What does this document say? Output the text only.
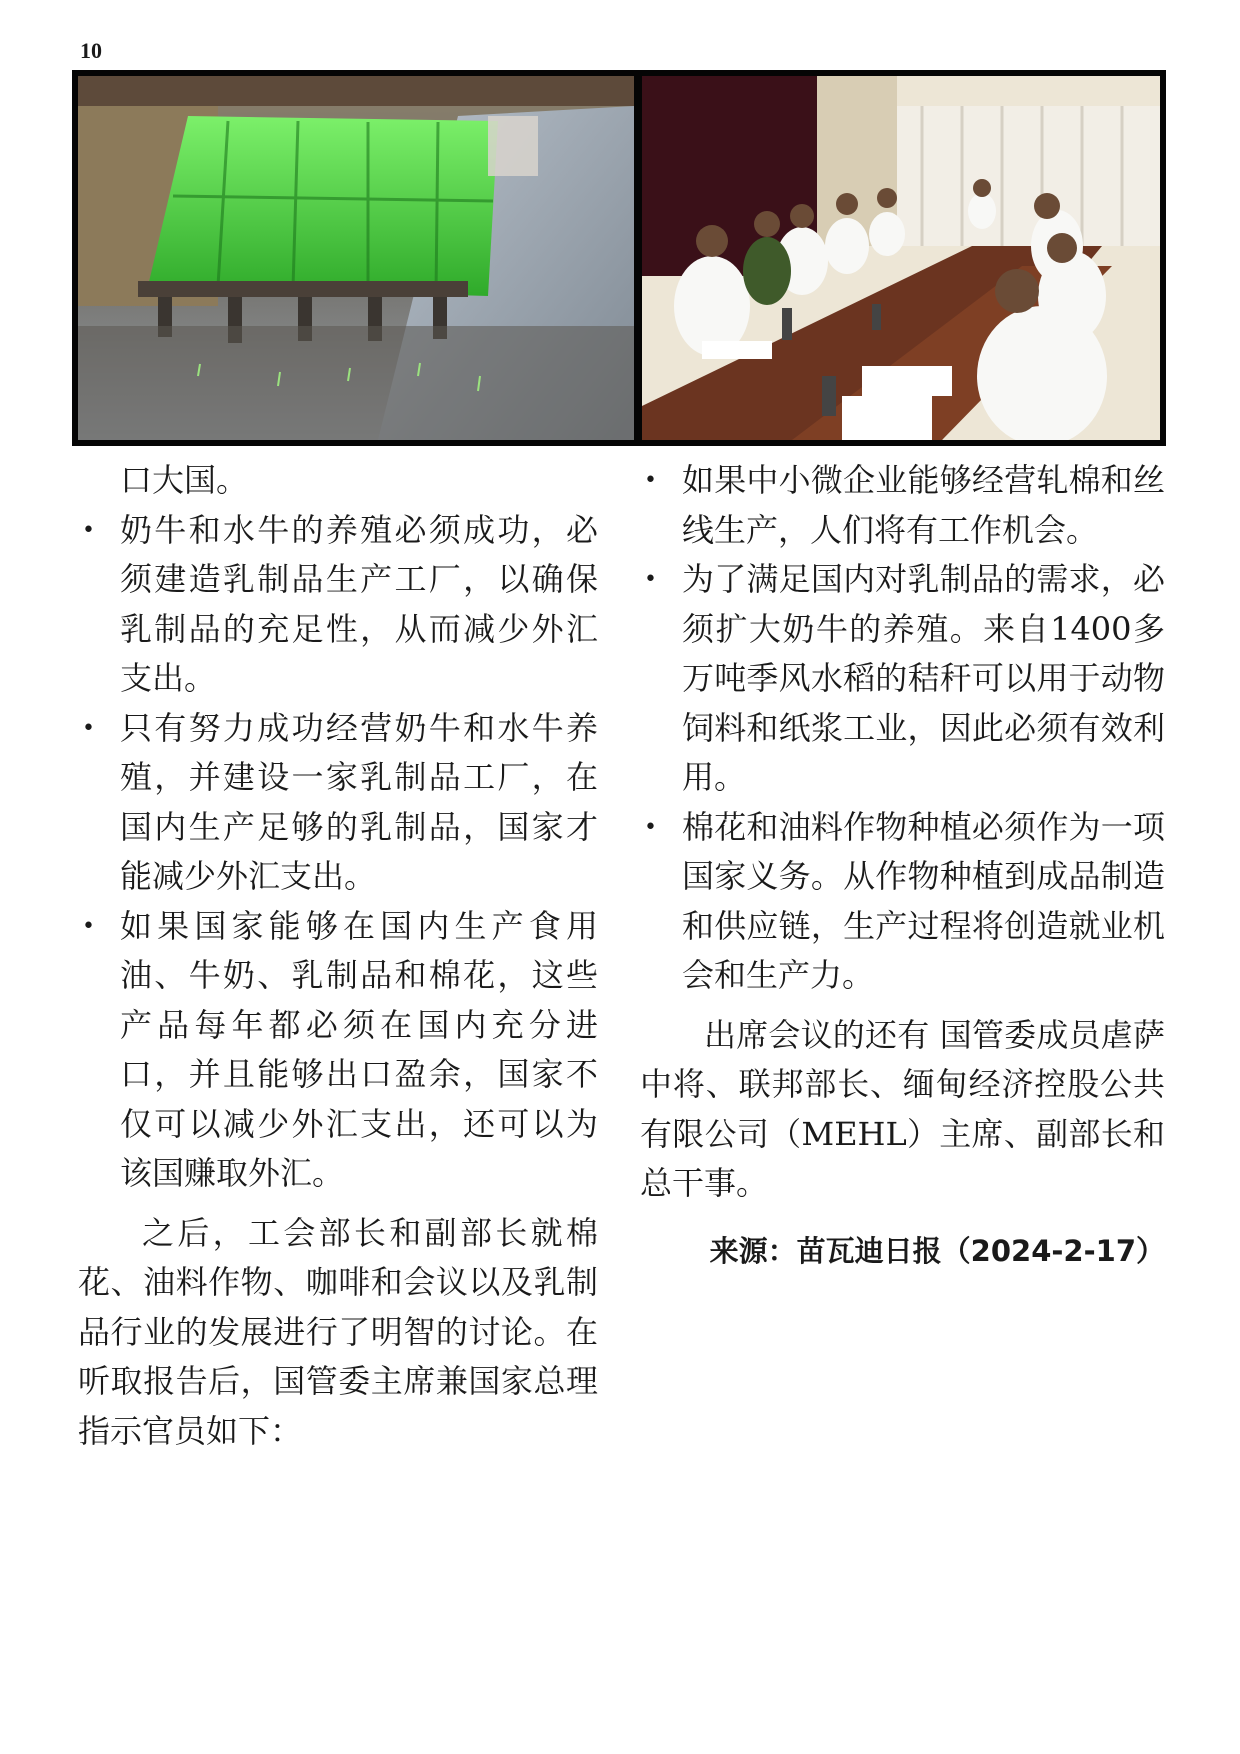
10

口大国。

• 奶牛和水牛的养殖必须成功，必须建造乳制品生产工厂，以确保乳制品的充足性，从而减少外汇支出。
• 只有努力成功经营奶牛和水牛养殖，并建设一家乳制品工厂，在国内生产足够的乳制品，国家才能减少外汇支出。
• 如果国家能够在国内生产食用油、牛奶、乳制品和棉花，这些产品每年都必须在国内充分进口，并且能够出口盈余，国家不仅可以减少外汇支出，还可以为该国赚取外汇。

之后，工会部长和副部长就棉花、油料作物、咖啡和会议以及乳制品行业的发展进行了明智的讨论。在听取报告后，国管委主席兼国家总理指示官员如下：

• 如果中小微企业能够经营轧棉和丝线生产，人们将有工作机会。
• 为了满足国内对乳制品的需求，必须扩大奶牛的养殖。来自1400多万吨季风水稻的秸秆可以用于动物饲料和纸浆工业，因此必须有效利用。
• 棉花和油料作物种植必须作为一项国家义务。从作物种植到成品制造和供应链，生产过程将创造就业机会和生产力。

出席会议的还有 国管委成员虐萨中将、联邦部长、缅甸经济控股公共有限公司（MEHL）主席、副部长和总干事。

来源：苗瓦迪日报（2024-2-17）
